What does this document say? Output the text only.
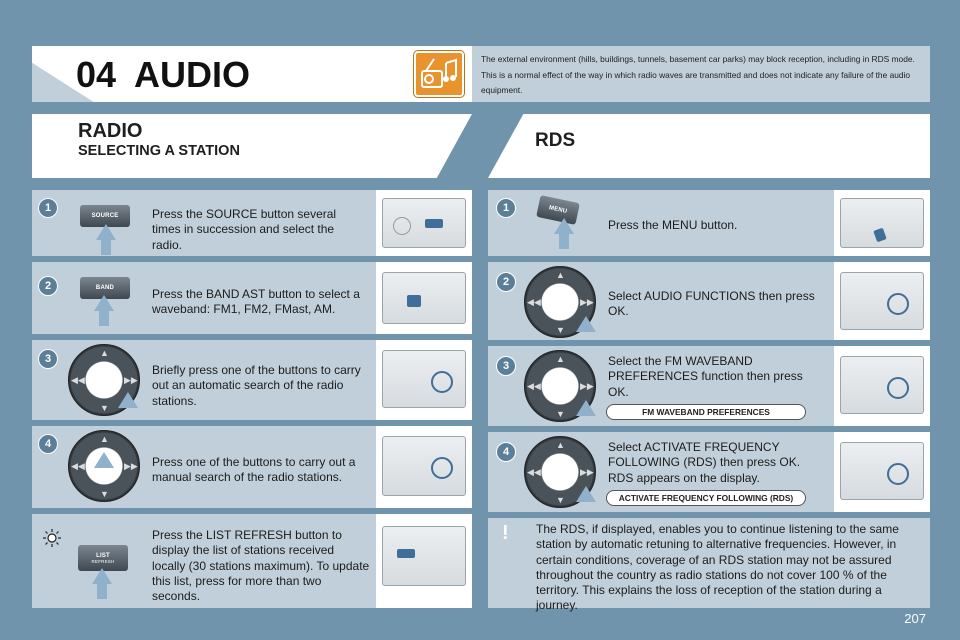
04 AUDIO	The external environment (hills, buildings, tunnels, basement car parks) may block reception, including in RDS mode. This is a normal effect of the way in which radio waves are transmitted and does not indicate any failure of the audio equipment.
RADIO
SELECTING A STATION	RDS
1
SOURCE	Press the SOURCE button several times in succession and select the radio.
2	BAND	Press the BAND AST button to select a waveband: FM1, FM2, FMast, AM.
3	▲
▼
◀◀	▶▶
Briefly press one of the buttons to carry out an automatic search of the radio stations.
4	▲
▼
◀◀	▶▶ Press one of the buttons to carry out a manual search of the radio stations.
LIST
REFRESH
Press the LIST REFRESH button to display the list of stations received locally (30 stations maximum). To update this list, press for more than two seconds.
1	MENU
Press the MENU button.
2
▲
▼
◀◀	▶▶ Select AUDIO FUNCTIONS then press OK.
3
▲
▼
◀◀	▶▶
Select the FM WAVEBAND PREFERENCES function then press OK.
FM WAVEBAND PREFERENCES
4
▲
▼
◀◀	▶▶
Select ACTIVATE FREQUENCY FOLLOWING (RDS) then press OK. RDS appears on the display.
ACTIVATE FREQUENCY FOLLOWING (RDS)
! The RDS, if displayed, enables you to continue listening to the same station by automatic retuning to alternative frequencies. However, in certain conditions, coverage of an RDS station may not be assured throughout the country as radio stations do not cover 100 % of the territory. This explains the loss of reception of the station during a journey.
207
